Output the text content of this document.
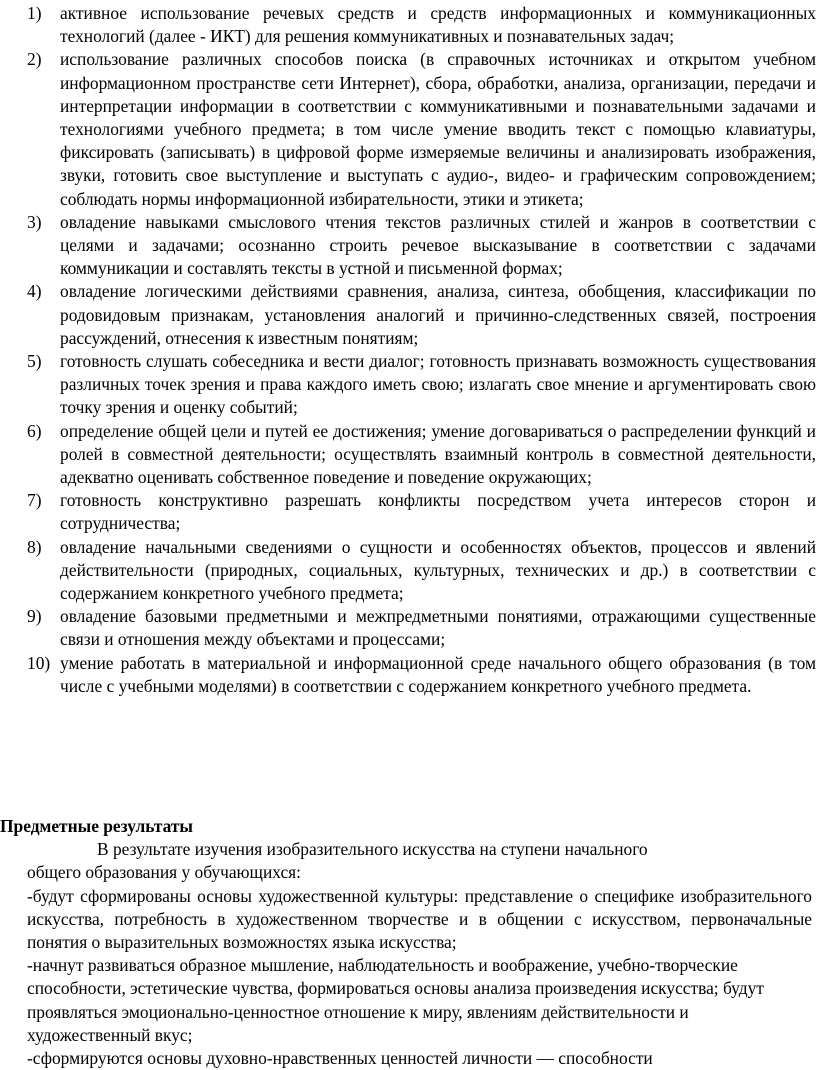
1) активное использование речевых средств и средств информационных и коммуникационных технологий (далее - ИКТ) для решения коммуникативных и познавательных задач;
2) использование различных способов поиска (в справочных источниках и открытом учебном информационном пространстве сети Интернет), сбора, обработки, анализа, организации, передачи и интерпретации информации в соответствии с коммуникативными и познавательными задачами и технологиями учебного предмета; в том числе умение вводить текст с помощью клавиатуры, фиксировать (записывать) в цифровой форме измеряемые величины и анализировать изображения, звуки, готовить свое выступление и выступать с аудио-, видео- и графическим сопровождением; соблюдать нормы информационной избирательности, этики и этикета;
3) овладение навыками смыслового чтения текстов различных стилей и жанров в соответствии с целями и задачами; осознанно строить речевое высказывание в соответствии с задачами коммуникации и составлять тексты в устной и письменной формах;
4) овладение логическими действиями сравнения, анализа, синтеза, обобщения, классификации по родовидовым признакам, установления аналогий и причинно-следственных связей, построения рассуждений, отнесения к известным понятиям;
5) готовность слушать собеседника и вести диалог; готовность признавать возможность существования различных точек зрения и права каждого иметь свою; излагать свое мнение и аргументировать свою точку зрения и оценку событий;
6) определение общей цели и путей ее достижения; умение договариваться о распределении функций и ролей в совместной деятельности; осуществлять взаимный контроль в совместной деятельности, адекватно оценивать собственное поведение и поведение окружающих;
7) готовность конструктивно разрешать конфликты посредством учета интересов сторон и сотрудничества;
8) овладение начальными сведениями о сущности и особенностях объектов, процессов и явлений действительности (природных, социальных, культурных, технических и др.) в соответствии с содержанием конкретного учебного предмета;
9) овладение базовыми предметными и межпредметными понятиями, отражающими существенные связи и отношения между объектами и процессами;
10) умение работать в материальной и информационной среде начального общего образования (в том числе с учебными моделями) в соответствии с содержанием конкретного учебного предмета.
Предметные результаты

В результате изучения изобразительного искусства на ступени начального
общего образования у обучающихся:

-будут сформированы основы художественной культуры: представление о специфике изобразительного искусства, потребность в художественном творчестве и в общении с искусством, первоначальные понятия о выразительных возможностях языка искусства;

-начнут развиваться образное мышление, наблюдательность и воображение, учебно-творческие способности, эстетические чувства, формироваться основы анализа произведения искусства; будут проявляться эмоционально-ценностное отношение к миру, явлениям действительности и художественный вкус;

-сформируются основы духовно-нравственных ценностей личности — способности
